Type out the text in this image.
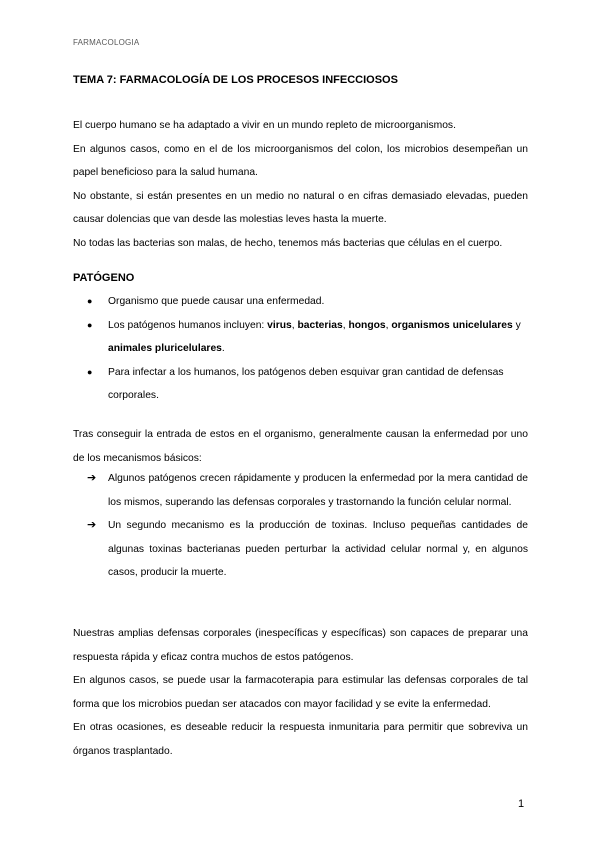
FARMACOLOGIA
TEMA 7: FARMACOLOGÍA DE LOS PROCESOS INFECCIOSOS

El cuerpo humano se ha adaptado a vivir en un mundo repleto de microorganismos.

En algunos casos, como en el de los microorganismos del colon, los microbios desempeñan un papel beneficioso para la salud humana.

No obstante, si están presentes en un medio no natural o en cifras demasiado elevadas, pueden causar dolencias que van desde las molestias leves hasta la muerte.

No todas las bacterias son malas, de hecho, tenemos más bacterias que células en el cuerpo.

PATÓGENO
● Organismo que puede causar una enfermedad.
● Los patógenos humanos incluyen: virus, bacterias, hongos, organismos unicelulares y animales pluricelulares.
● Para infectar a los humanos, los patógenos deben esquivar gran cantidad de defensas corporales.

Tras conseguir la entrada de estos en el organismo, generalmente causan la enfermedad por uno de los mecanismos básicos:

➔ Algunos patógenos crecen rápidamente y producen la enfermedad por la mera cantidad de los mismos, superando las defensas corporales y trastornando la función celular normal.
➔ Un segundo mecanismo es la producción de toxinas. Incluso pequeñas cantidades de algunas toxinas bacterianas pueden perturbar la actividad celular normal y, en algunos casos, producir la muerte.

Nuestras amplias defensas corporales (inespecíficas y específicas) son capaces de preparar una respuesta rápida y eficaz contra muchos de estos patógenos.

En algunos casos, se puede usar la farmacoterapia para estimular las defensas corporales de tal forma que los microbios puedan ser atacados con mayor facilidad y se evite la enfermedad.

En otras ocasiones, es deseable reducir la respuesta inmunitaria para permitir que sobreviva un órganos trasplantado.

1
